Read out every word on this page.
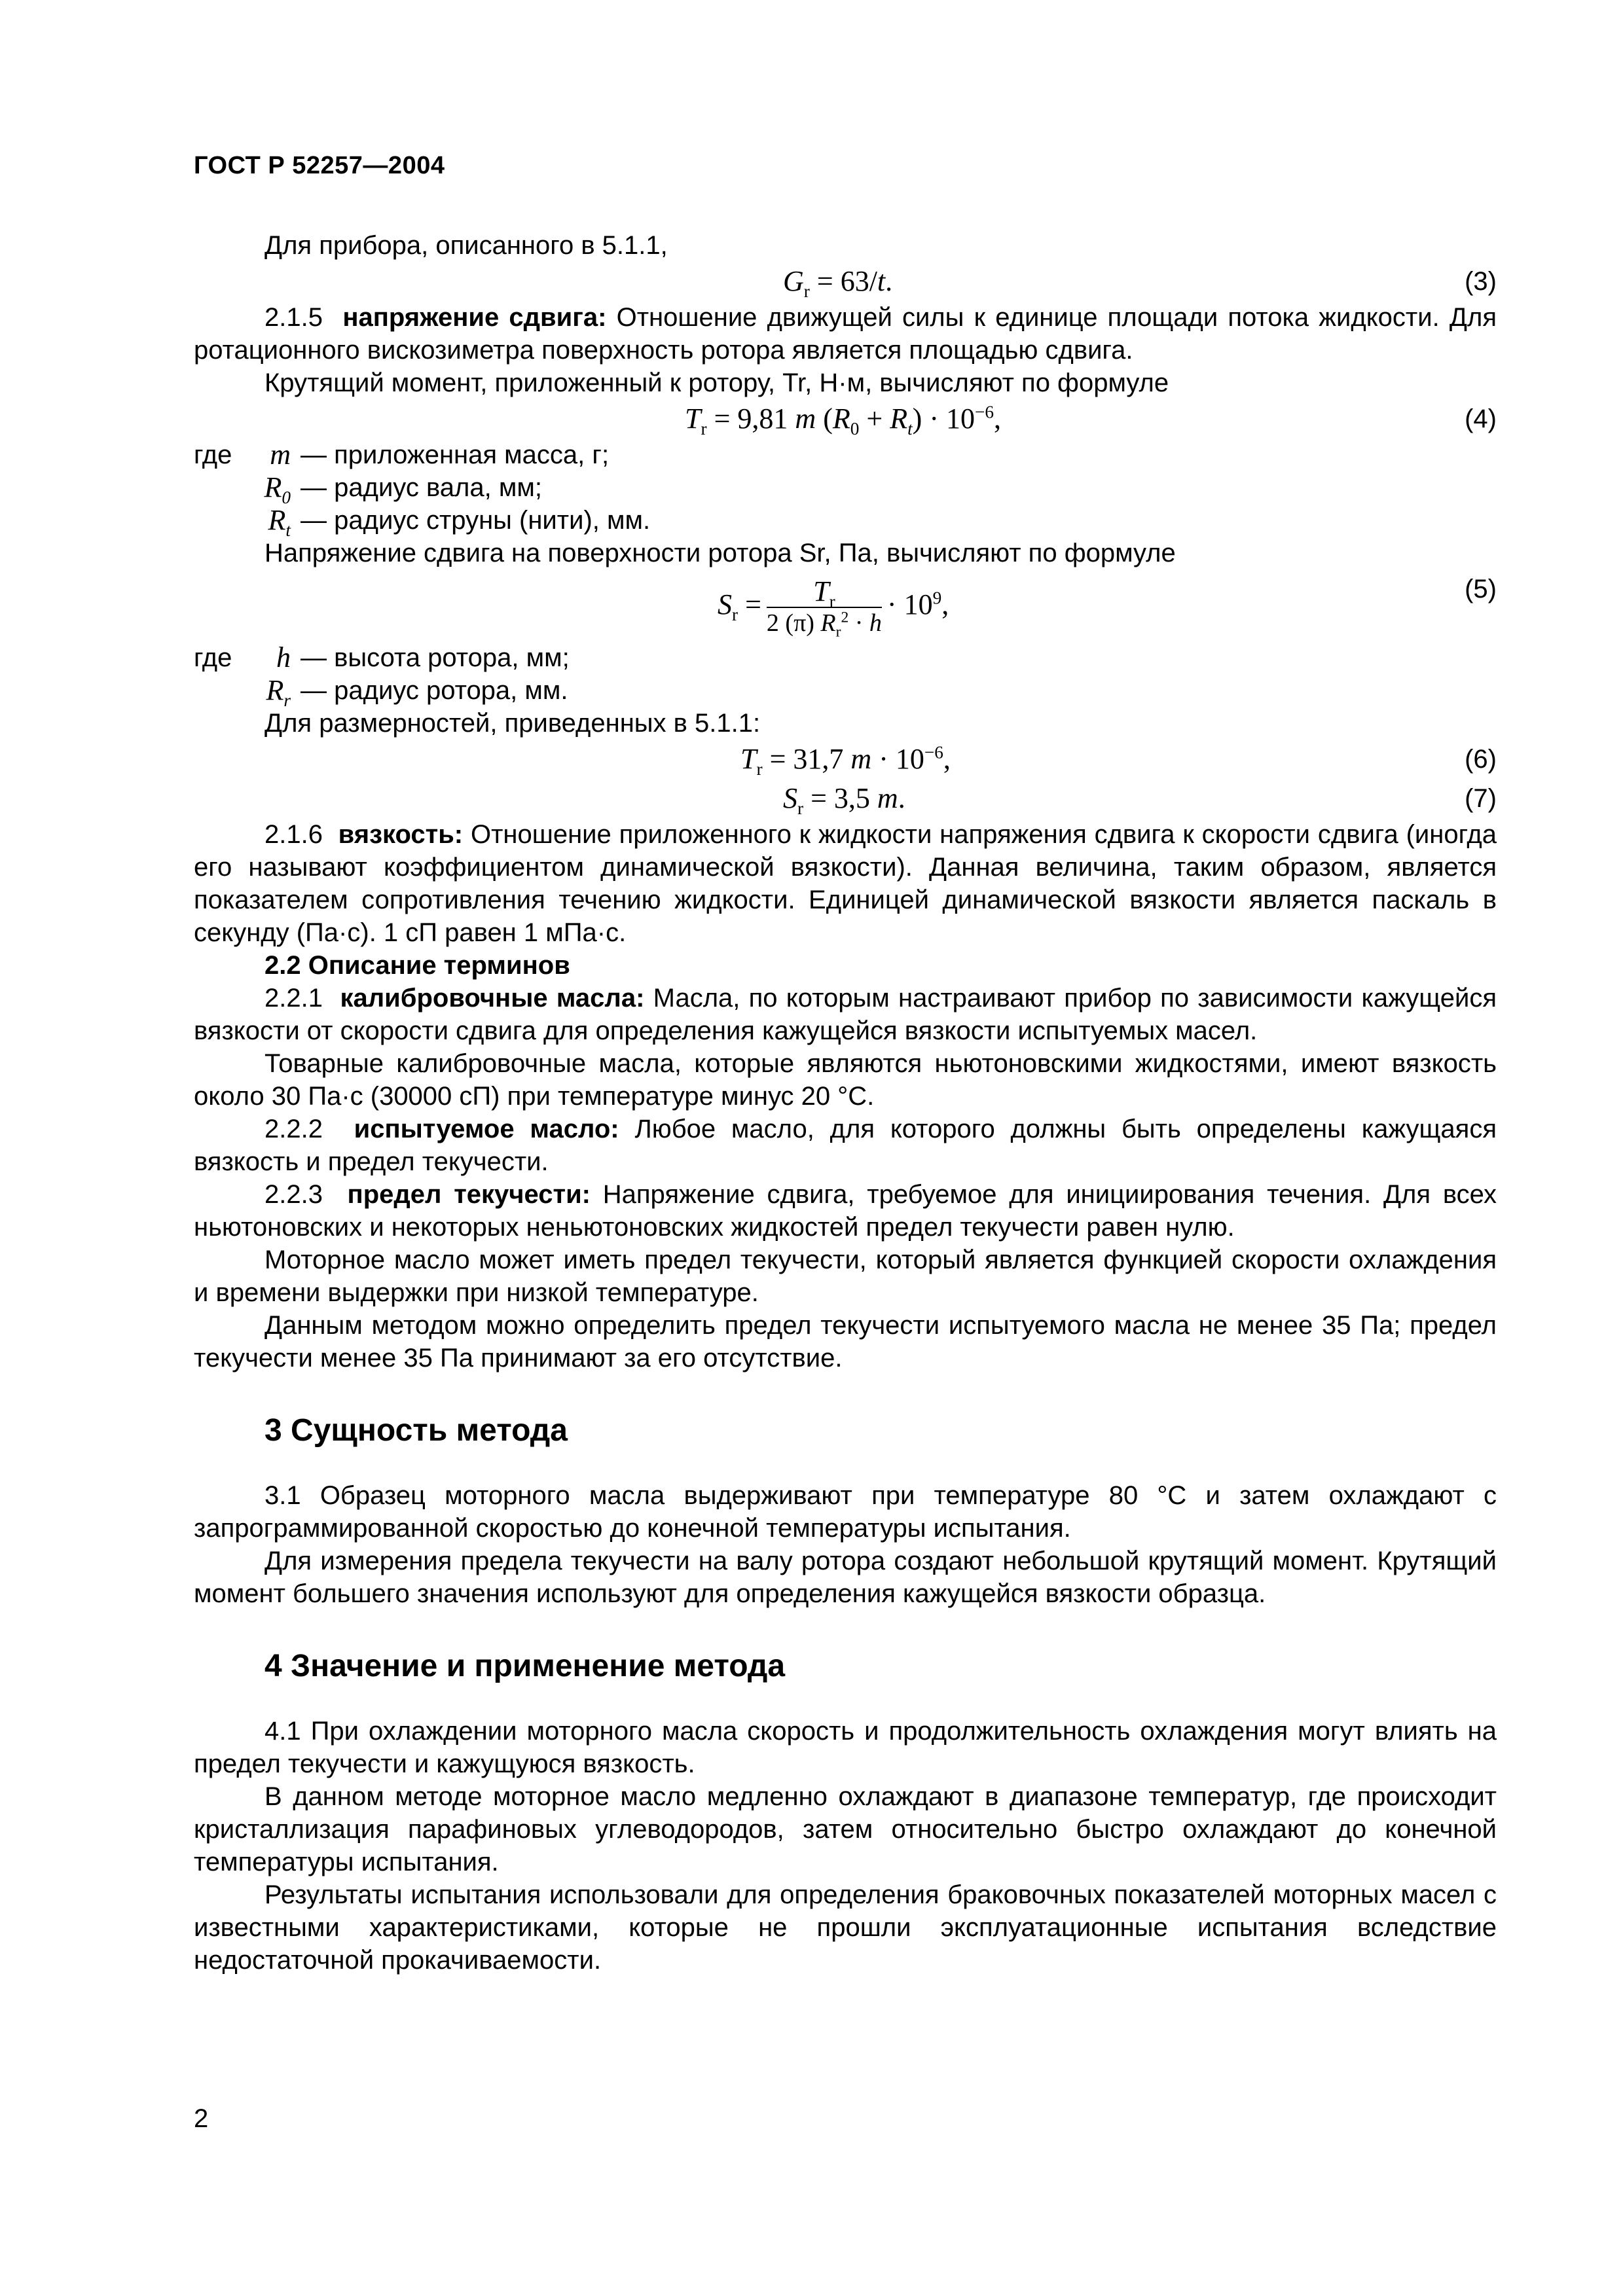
ГОСТ Р 52257—2004

Для прибора, описанного в 5.1.1,

$G_r = 63/t$.	(3)

2.1.5 напряжение сдвига: Отношение движущей силы к единице площади потока жидкости. Для ротационного вискозиметра поверхность ротора является площадью сдвига.

Крутящий момент, приложенный к ротору, Tr, Н·м, вычисляют по формуле

$T_r = 9,81$ m $(R_0 + R_t) \cdot 10^{-6}$,	(4)
где	m — приложенная масса, г;
$R_0$ — радиус вала, мм;
$R_t$ — радиус струны (нити), мм.

Напряжение сдвига на поверхности ротора Sr, Па, вычисляют по формуле

$S_r = \frac{T_r}{2 (\pi) R_r^2 \cdot h} \cdot 10^9$,	(5)
где	h — высота ротора, мм;
$R_r$ — радиус ротора, мм.

Для размерностей, приведенных в 5.1.1:

$T_r = 31,7$ $m \cdot 10^{-6}$,	(6)
$S_r = 3,5$ m.	(7)

2.1.6 вязкость: Отношение приложенного к жидкости напряжения сдвига к скорости сдвига (иногда его называют коэффициентом динамической вязкости). Данная величина, таким образом, является показателем сопротивления течению жидкости. Единицей динамической вязкости является паскаль в секунду (Па·с). 1 сП равен 1 мПа·с.

2.2 Описание терминов

2.2.1 калибровочные масла: Масла, по которым настраивают прибор по зависимости кажущейся вязкости от скорости сдвига для определения кажущейся вязкости испытуемых масел.

Товарные калибровочные масла, которые являются ньютоновскими жидкостями, имеют вязкость около 30 Па·с (30000 сП) при температуре минус 20 °С.

2.2.2 испытуемое масло: Любое масло, для которого должны быть определены кажущаяся вязкость и предел текучести.

2.2.3 предел текучести: Напряжение сдвига, требуемое для инициирования течения. Для всех ньютоновских и некоторых неньютоновских жидкостей предел текучести равен нулю.

Моторное масло может иметь предел текучести, который является функцией скорости охлаждения и времени выдержки при низкой температуре.

Данным методом можно определить предел текучести испытуемого масла не менее 35 Па; предел текучести менее 35 Па принимают за его отсутствие.

3 Сущность метода

3.1 Образец моторного масла выдерживают при температуре 80 °С и затем охлаждают с запрограммированной скоростью до конечной температуры испытания.

Для измерения предела текучести на валу ротора создают небольшой крутящий момент. Крутящий момент большего значения используют для определения кажущейся вязкости образца.

4 Значение и применение метода

4.1 При охлаждении моторного масла скорость и продолжительность охлаждения могут влиять на предел текучести и кажущуюся вязкость.

В данном методе моторное масло медленно охлаждают в диапазоне температур, где происходит кристаллизация парафиновых углеводородов, затем относительно быстро охлаждают до конечной температуры испытания.

Результаты испытания использовали для определения браковочных показателей моторных масел с известными характеристиками, которые не прошли эксплуатационные испытания вследствие недостаточной прокачиваемости.

2
